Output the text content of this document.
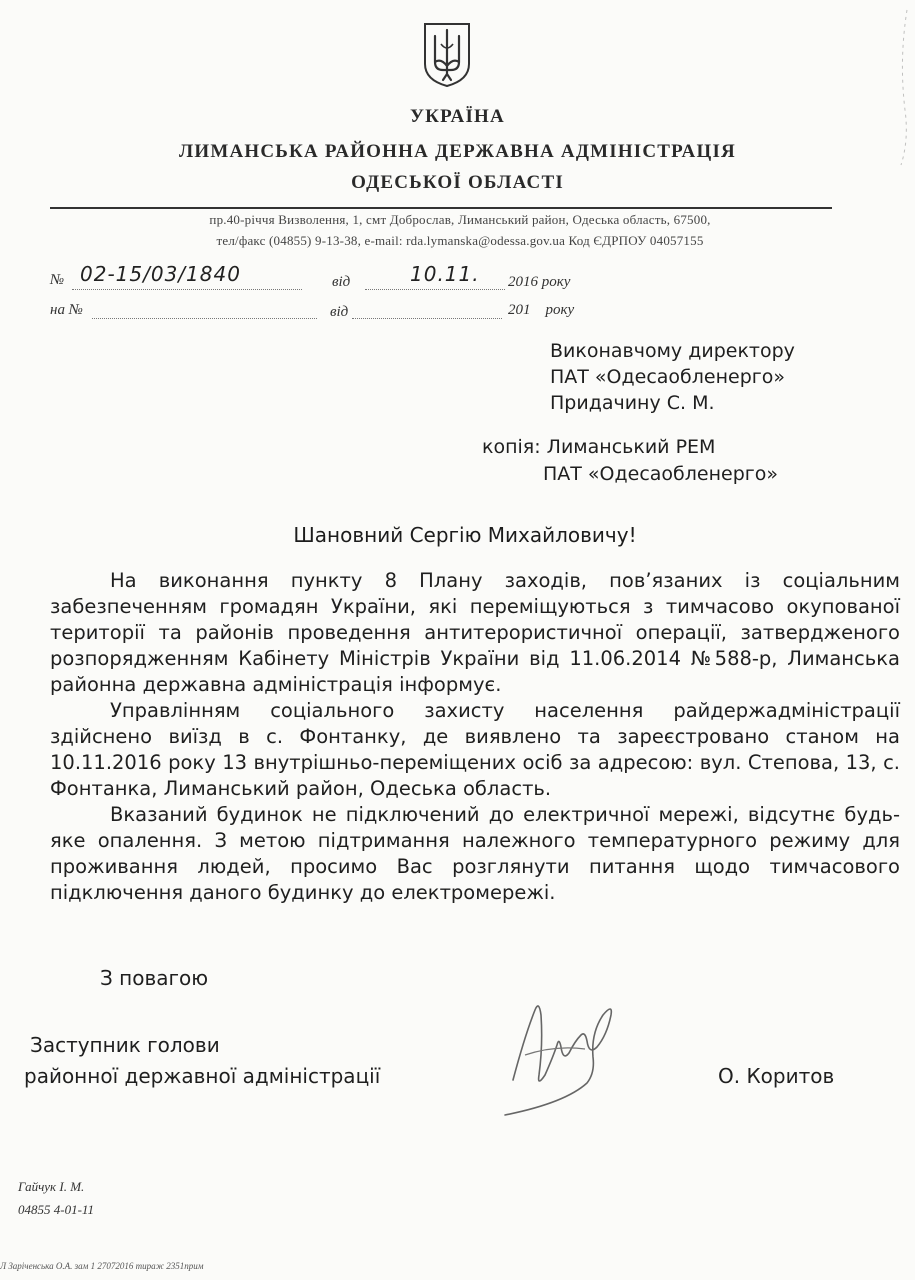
УКРАЇНА
ЛИМАНСЬКА РАЙОННА ДЕРЖАВНА АДМІНІСТРАЦІЯ
ОДЕСЬКОЇ ОБЛАСТІ
пр.40-річчя Визволення, 1, смт Доброслав, Лиманський район, Одеська область, 67500,
тел/факс (04855) 9-13-38, e-mail: rda.lymanska@odessa.gov.ua Код ЄДРПОУ 04057155
№ 02-15/03/1840	від	10.11. 2016 року
на №	від	201    року
Виконавчому директору
ПАТ «Одесаобленерго»
Придачину С. М.
копія: Лиманський РЕМ
ПАТ «Одесаобленерго»
Шановний Сергію Михайловичу!

На виконання пункту 8 Плану заходів, пов’язаних із соціальним забезпеченням громадян України, які переміщуються з тимчасово окупованої території та районів проведення антитерористичної операції, затвердженого розпорядженням Кабінету Міністрів України від 11.06.2014 №588-р, Лиманська районна державна адміністрація інформує.

Управлінням соціального захисту населення райдержадміністрації здійснено виїзд в с. Фонтанку, де виявлено та зареєстровано станом на 10.11.2016 року 13 внутрішньо-переміщених осіб за адресою: вул. Степова, 13, с. Фонтанка, Лиманський район, Одеська область.

Вказаний будинок не підключений до електричної мережі, відсутнє будь-яке опалення. З метою підтримання належного температурного режиму для проживання людей, просимо Вас розглянути питання щодо тимчасового підключення даного будинку до електромережі.

З повагою
Заступник голови
районної державної адміністрації	О. Коритов
Гайчук І. М.
04855 4-01-11
Л Заріченська О.А. зам 1 27072016 тираж 2351прим
